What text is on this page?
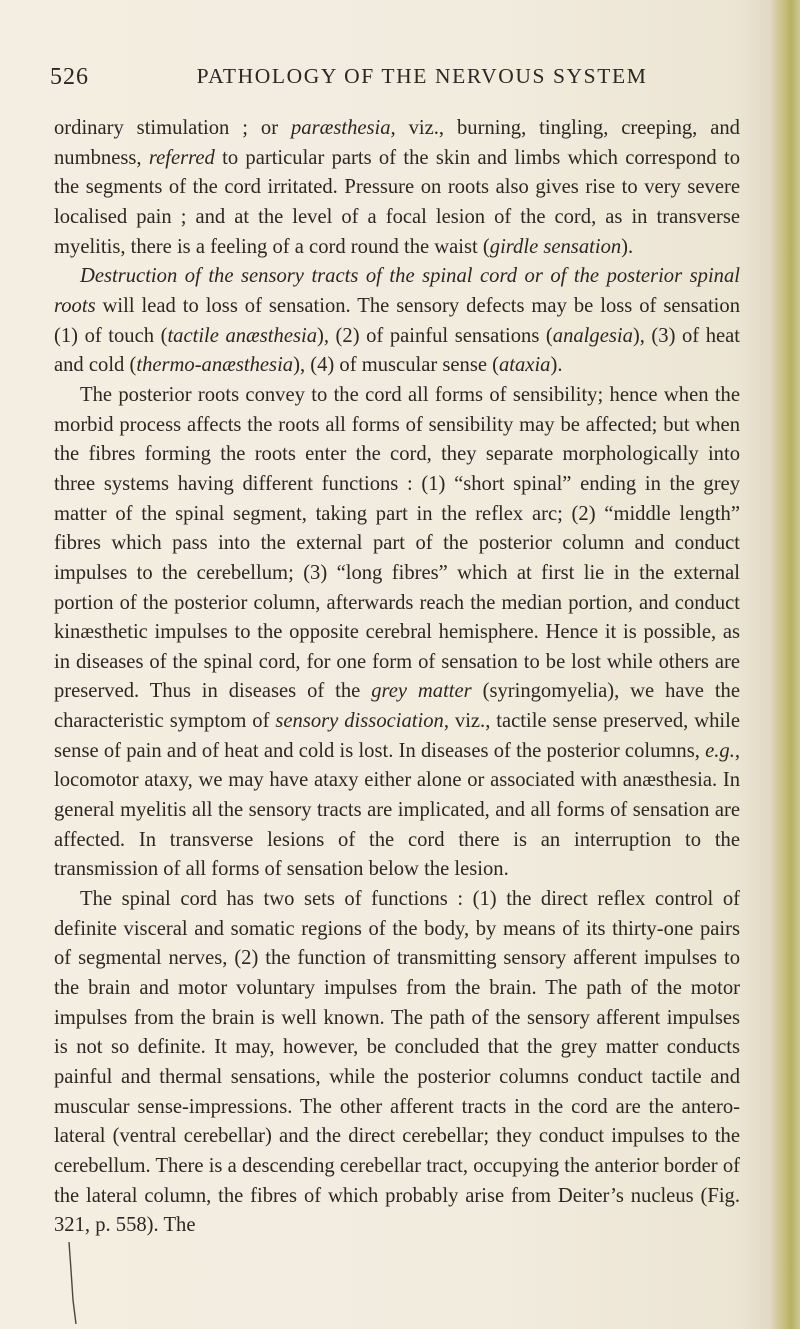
526	PATHOLOGY OF THE NERVOUS SYSTEM

ordinary stimulation ; or paræsthesia, viz., burning, tingling, creeping, and numbness, referred to particular parts of the skin and limbs which correspond to the segments of the cord irritated. Pressure on roots also gives rise to very severe localised pain ; and at the level of a focal lesion of the cord, as in transverse myelitis, there is a feeling of a cord round the waist (girdle sensation).

Destruction of the sensory tracts of the spinal cord or of the posterior spinal roots will lead to loss of sensation. The sensory defects may be loss of sensation (1) of touch (tactile anæsthesia), (2) of painful sensations (analgesia), (3) of heat and cold (thermo-anæsthesia), (4) of muscular sense (ataxia).

The posterior roots convey to the cord all forms of sensibility; hence when the morbid process affects the roots all forms of sensibility may be affected; but when the fibres forming the roots enter the cord, they separate morphologically into three systems having different functions : (1) “short spinal” ending in the grey matter of the spinal segment, taking part in the reflex arc; (2) “middle length” fibres which pass into the external part of the posterior column and conduct impulses to the cerebellum; (3) “long fibres” which at first lie in the external portion of the posterior column, afterwards reach the median portion, and conduct kinæsthetic impulses to the opposite cerebral hemisphere. Hence it is possible, as in diseases of the spinal cord, for one form of sensation to be lost while others are preserved. Thus in diseases of the grey matter (syringomyelia), we have the characteristic symptom of sensory dissociation, viz., tactile sense preserved, while sense of pain and of heat and cold is lost. In diseases of the posterior columns, e.g., locomotor ataxy, we may have ataxy either alone or associated with anæsthesia. In general myelitis all the sensory tracts are implicated, and all forms of sensation are affected. In transverse lesions of the cord there is an interruption to the transmission of all forms of sensation below the lesion.

The spinal cord has two sets of functions : (1) the direct reflex control of definite visceral and somatic regions of the body, by means of its thirty-one pairs of segmental nerves, (2) the function of transmitting sensory afferent impulses to the brain and motor voluntary impulses from the brain. The path of the motor impulses from the brain is well known. The path of the sensory afferent impulses is not so definite. It may, however, be concluded that the grey matter conducts painful and thermal sensations, while the posterior columns conduct tactile and muscular sense-impressions. The other afferent tracts in the cord are the antero-lateral (ventral cerebellar) and the direct cerebellar; they conduct impulses to the cerebellum. There is a descending cerebellar tract, occupying the anterior border of the lateral column, the fibres of which probably arise from Deiter’s nucleus (Fig. 321, p. 558). The
